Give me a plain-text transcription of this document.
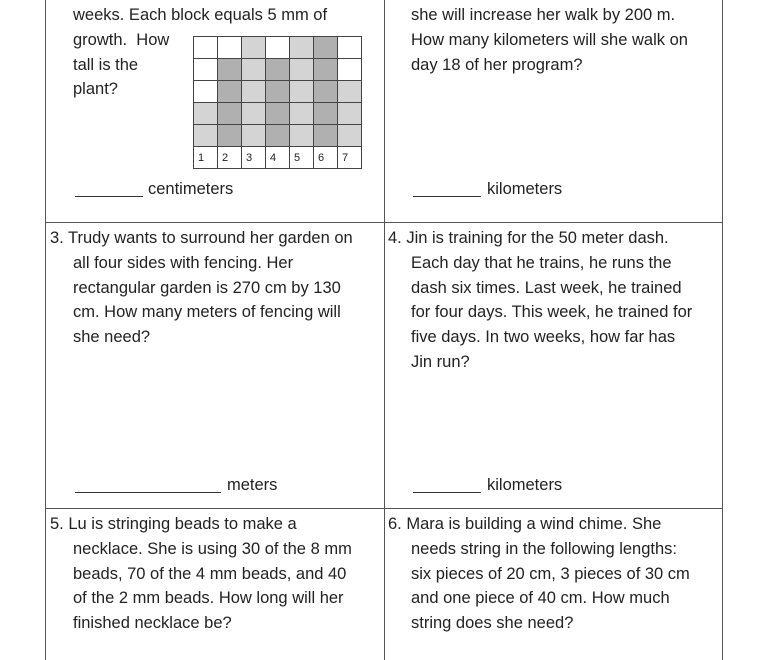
weeks. Each block equals 5 mm of
growth.  How
tall is the
plant?

1	2	3	4	5	6	7
centimeters
she will increase her walk by 200 m.
How many kilometers will she walk on
day 18 of her program?
kilometers
3. Trudy wants to surround her garden on
all four sides with fencing. Her
rectangular garden is 270 cm by 130
cm. How many meters of fencing will
she need?
meters
4. Jin is training for the 50 meter dash.
Each day that he trains, he runs the
dash six times. Last week, he trained
for four days. This week, he trained for
five days. In two weeks, how far has
Jin run?
kilometers
5. Lu is stringing beads to make a
necklace. She is using 30 of the 8 mm
beads, 70 of the 4 mm beads, and 40
of the 2 mm beads. How long will her
finished necklace be?
6. Mara is building a wind chime. She
needs string in the following lengths:
six pieces of 20 cm, 3 pieces of 30 cm
and one piece of 40 cm. How much
string does she need?
